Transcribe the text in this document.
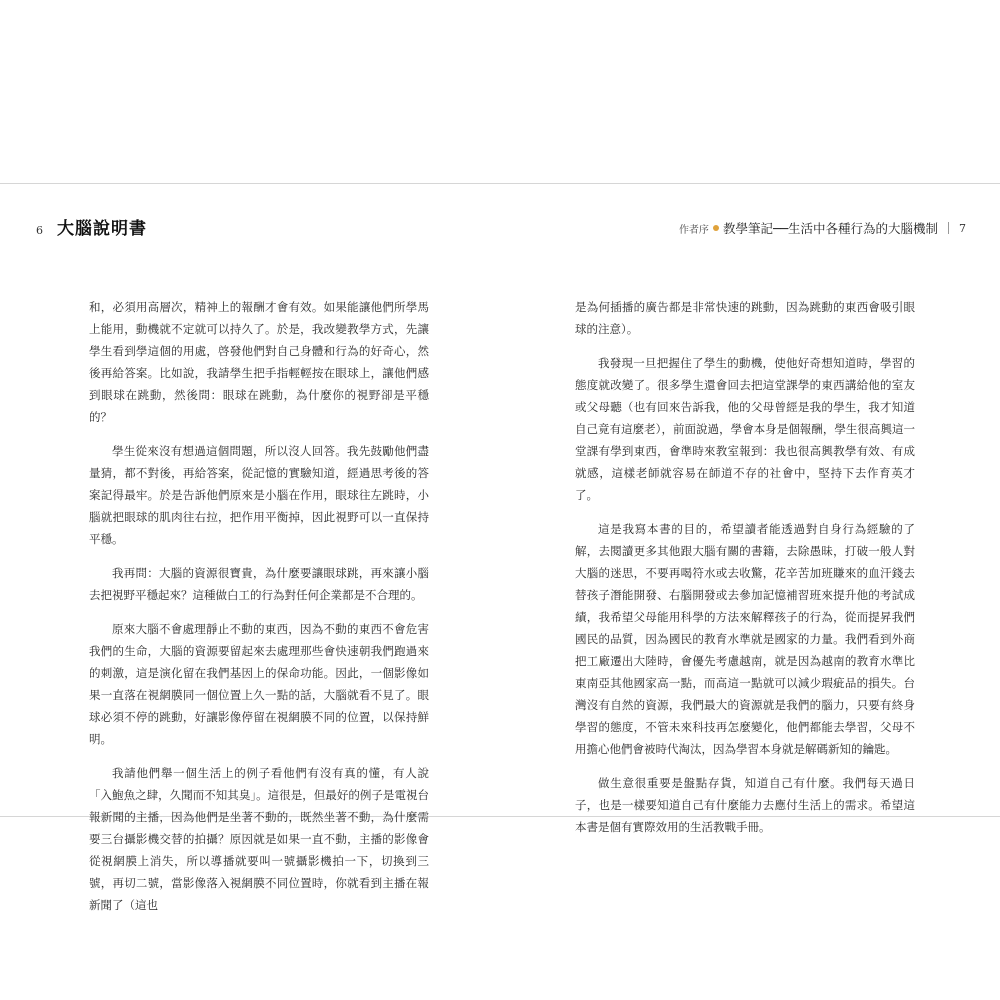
6 大腦說明書	作者序 教學筆記──生活中各種行為的大腦機制 7

和，必須用高層次，精神上的報酬才會有效。如果能讓他們所學馬上能用，動機就不定就可以持久了。於是，我改變教學方式，先讓學生看到學這個的用處，啓發他們對自己身體和行為的好奇心，然後再給答案。比如說，我請學生把手指輕輕按在眼球上，讓他們感到眼球在跳動，然後問：眼球在跳動，為什麼你的視野卻是平穩的？

學生從來沒有想過這個問題，所以沒人回答。我先鼓勵他們盡量猜，都不對後，再給答案，從記憶的實驗知道，經過思考後的答案記得最牢。於是告訴他們原來是小腦在作用，眼球往左跳時，小腦就把眼球的肌肉往右拉，把作用平衡掉，因此視野可以一直保持平穩。

我再問：大腦的資源很寶貴，為什麼要讓眼球跳，再來讓小腦去把視野平穩起來？這種做白工的行為對任何企業都是不合理的。

原來大腦不會處理靜止不動的東西，因為不動的東西不會危害我們的生命，大腦的資源要留起來去處理那些會快速朝我們跑過來的刺激，這是演化留在我們基因上的保命功能。因此，一個影像如果一直落在視網膜同一個位置上久一點的話，大腦就看不見了。眼球必須不停的跳動，好讓影像停留在視網膜不同的位置，以保持鮮明。

我請他們舉一個生活上的例子看他們有沒有真的懂，有人說「入鮑魚之肆，久聞而不知其臭」。這很是，但最好的例子是電視台報新聞的主播，因為他們是坐著不動的，既然坐著不動，為什麼需要三台攝影機交替的拍攝？原因就是如果一直不動，主播的影像會從視網膜上消失，所以導播就要叫一號攝影機拍一下，切換到三號，再切二號，當影像落入視網膜不同位置時，你就看到主播在報新聞了（這也

是為何插播的廣告都是非常快速的跳動，因為跳動的東西會吸引眼球的注意）。

我發現一旦把握住了學生的動機，使他好奇想知道時，學習的態度就改變了。很多學生還會回去把這堂課學的東西講給他的室友或父母聽（也有回來告訴我，他的父母曾經是我的學生，我才知道自己竟有這麼老），前面說過，學會本身是個報酬，學生很高興這一堂課有學到東西，會準時來教室報到：我也很高興教學有效、有成就感，這樣老師就容易在師道不存的社會中，堅持下去作育英才了。

這是我寫本書的目的，希望讀者能透過對自身行為經驗的了解，去閱讀更多其他跟大腦有關的書籍，去除愚昧，打破一般人對大腦的迷思，不要再喝符水或去收驚，花辛苦加班賺來的血汗錢去替孩子潛能開發、右腦開發或去參加記憶補習班來提升他的考試成績，我希望父母能用科學的方法來解釋孩子的行為，從而提昇我們國民的品質，因為國民的教育水準就是國家的力量。我們看到外商把工廠遷出大陸時，會優先考慮越南，就是因為越南的教育水準比東南亞其他國家高一點，而高這一點就可以減少瑕疵品的損失。台灣沒有自然的資源，我們最大的資源就是我們的腦力，只要有終身學習的態度，不管未來科技再怎麼變化，他們都能去學習，父母不用擔心他們會被時代淘汰，因為學習本身就是解碼新知的鑰匙。

做生意很重要是盤點存貨，知道自己有什麼。我們每天過日子，也是一樣要知道自己有什麼能力去應付生活上的需求。希望這本書是個有實際效用的生活教戰手冊。
